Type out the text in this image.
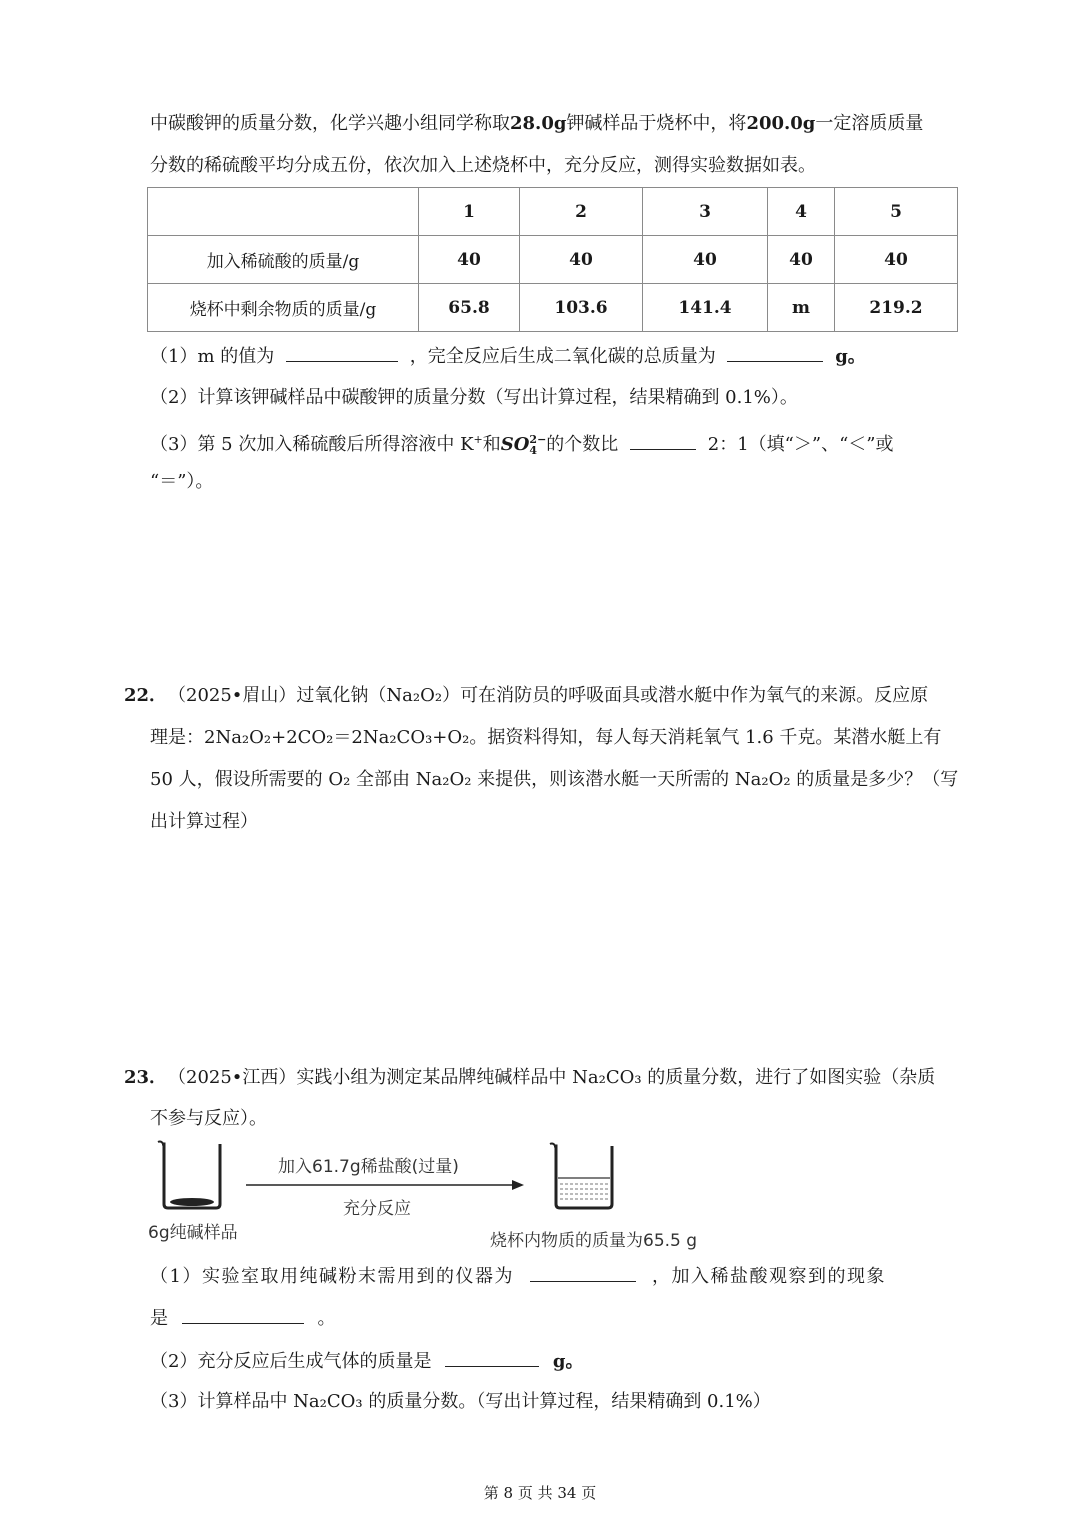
中碳酸钾的质量分数，化学兴趣小组同学称取28.0g钾碱样品于烧杯中，将200.0g一定溶质质量
分数的稀硫酸平均分成五份，依次加入上述烧杯中，充分反应，测得实验数据如表。
	1	2	3	4	5
加入稀硫酸的质量/g	40	40	40	40	40
烧杯中剩余物质的质量/g	65.8	103.6	141.4	m	219.2
（1）m 的值为	，完全反应后生成二氧化碳的总质量为	g。
（2）计算该钾碱样品中碳酸钾的质量分数（写出计算过程，结果精确到 0.1%）。
（3）第 5 次加入稀硫酸后所得溶液中 K+和SO 2−
4 的个数比	2：1（填“＞”、“＜”或
“＝”）。
22． （2025•眉山）过氧化钠（Na₂O₂）可在消防员的呼吸面具或潜水艇中作为氧气的来源。反应原
理是：2Na₂O₂+2CO₂＝2Na₂CO₃+O₂。据资料得知，每人每天消耗氧气 1.6 千克。某潜水艇上有
50 人，假设所需要的 O₂ 全部由 Na₂O₂ 来提供，则该潜水艇一天所需的 Na₂O₂ 的质量是多少？（写
出计算过程）
23． （2025•江西）实践小组为测定某品牌纯碱样品中 Na₂CO₃ 的质量分数，进行了如图实验（杂质
不参与反应）。
加入61.7g稀盐酸(过量)
充分反应
6g纯碱样品	烧杯内物质的质量为65.5 g
（1）实验室取用纯碱粉末需用到的仪器为	，加入稀盐酸观察到的现象
是	。
（2）充分反应后生成气体的质量是	g。
（3）计算样品中 Na₂CO₃ 的质量分数。（写出计算过程，结果精确到 0.1%）
第 8 页 共 34 页
